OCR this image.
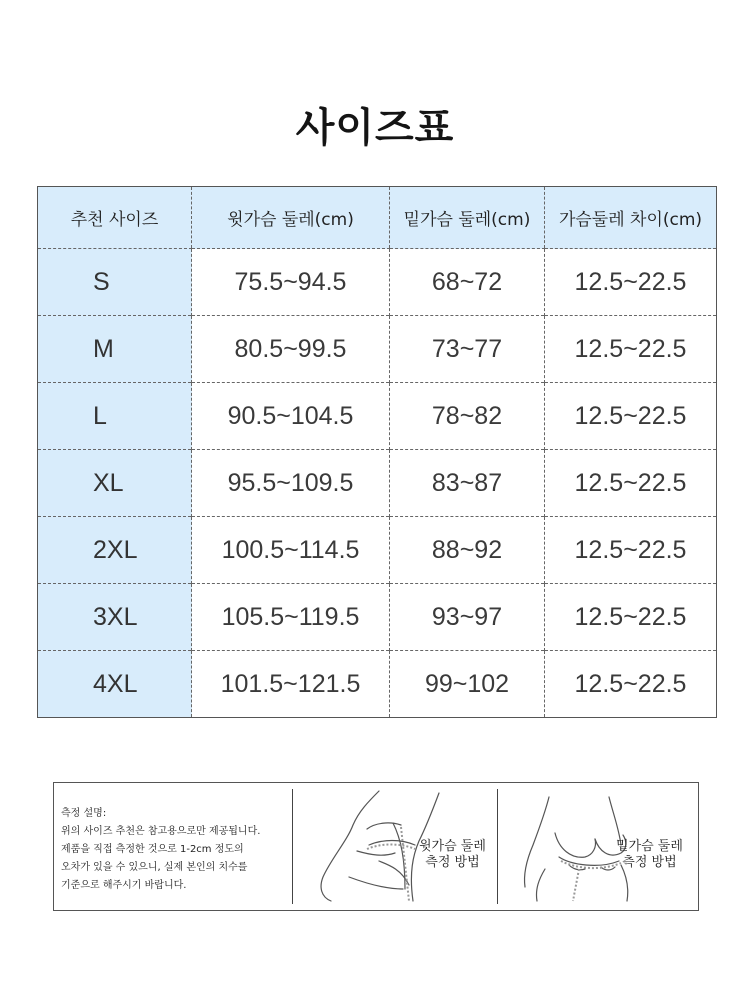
사이즈표
추천 사이즈	윗가슴 둘레(cm)	밑가슴 둘레(cm)	가슴둘레 차이(cm)
S	75.5~94.5	68~72	12.5~22.5
M	80.5~99.5	73~77	12.5~22.5
L	90.5~104.5	78~82	12.5~22.5
XL	95.5~109.5	83~87	12.5~22.5
2XL	100.5~114.5	88~92	12.5~22.5
3XL	105.5~119.5	93~97	12.5~22.5
4XL	101.5~121.5	99~102	12.5~22.5
측정 설명:
위의 사이즈 추천은 참고용으로만 제공됩니다.
제품을 직접 측정한 것으로 1-2cm 정도의
오차가 있을 수 있으니, 실제 본인의 치수를
기준으로 해주시기 바랍니다.
윗가슴 둘레
측정 방법
밑가슴 둘레
측정 방법
